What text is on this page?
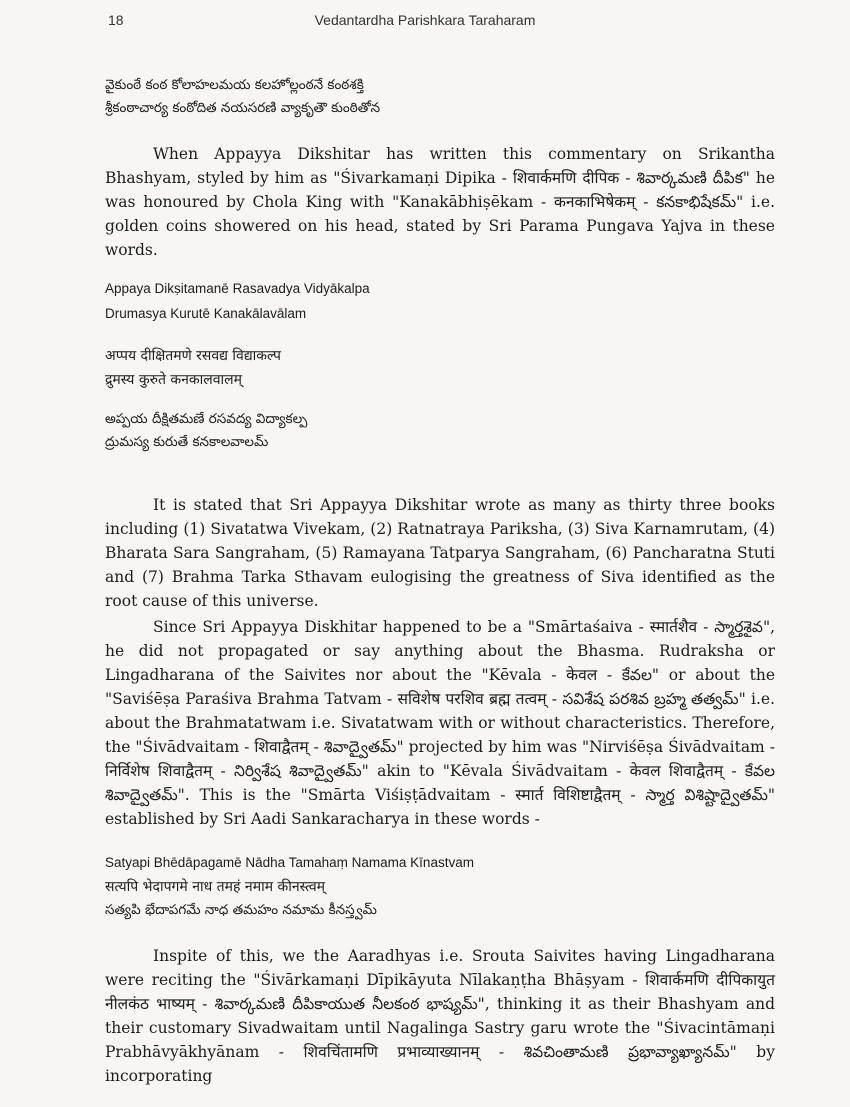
18	Vedantardha Parishkara Taraharam
వైకుంఠే కంఠ కోలాహలమయ కలహోల్లంఠనే కంఠశక్తి
శ్రీకంఠాచార్య కంఠోదిత నయసరణి వ్యాకృతౌ కుంఠితోన
When Appayya Dikshitar has written this commentary on Srikantha Bhashyam, styled by him as "Śivarkamaṇi Dipika - शिवार्कमणि दीपिक - శివార్కమణి దీపిక" he was honoured by Chola King with "Kanakābhiṣēkam - कनकाभिषेकम् - కనకాభిషేకమ్" i.e. golden coins showered on his head, stated by Sri Parama Pungava Yajva in these words.
Appaya Dikṣitamanē Rasavadya Vidyākalpa
Drumasya Kurutē Kanakālavālam
अप्पय दीक्षितमणे रसवद्य विद्याकल्प
द्रुमस्य कुरुते कनकालवालम्
అప్పయ దీక్షితమణే రసవద్య విద్యాకల్ప
ద్రుమస్య కురుతే కనకాలవాలమ్
It is stated that Sri Appayya Dikshitar wrote as many as thirty three books including (1) Sivatatwa Vivekam, (2) Ratnatraya Pariksha, (3) Siva Karnamrutam, (4) Bharata Sara Sangraham, (5) Ramayana Tatparya Sangraham, (6) Pancharatna Stuti and (7) Brahma Tarka Sthavam eulogising the greatness of Siva identified as the root cause of this universe.
Since Sri Appayya Diskhitar happened to be a "Smārtaśaiva - स्मार्तशैव - స్మార్తశైవ", he did not propagated or say anything about the Bhasma. Rudraksha or Lingadharana of the Saivites nor about the "Kēvala - केवल - కేవల" or about the "Saviśēṣa Paraśiva Brahma Tatvam - सविशेष परशिव ब्रह्म तत्वम् - సవిశేష పరశివ బ్రహ్మ తత్వమ్" i.e. about the Brahmatatwam i.e. Sivatatwam with or without characteristics. Therefore, the "Śivādvaitam - शिवाद्वैतम् - శివాద్వైతమ్" projected by him was "Nirviśēṣa Śivādvaitam - निर्विशेष शिवाद्वैतम् - నిర్విశేష శివాద్వైతమ్" akin to "Kēvala Śivādvaitam - केवल शिवाद्वैतम् - కేవల శివాద్వైతమ్". This is the "Smārta Viśiṣṭādvaitam - स्मार्त विशिष्टाद्वैतम् - స్మార్త విశిష్టాద్వైతమ్" established by Sri Aadi Sankaracharya in these words -
Satyapi Bhēdāpagamē Nādha Tamahaṃ Namama Kīnastvam
सत्यपि भेदापगमे नाध तमहं नमाम कीनस्त्वम्
సత్యపి భేదాపగమే నాధ తమహం నమామ కీనస్త్వమ్
Inspite of this, we the Aaradhyas i.e. Srouta Saivites having Lingadharana were reciting the "Śivārkamaṇi Dīpikāyuta Nīlakaṇṭha Bhāṣyam - शिवार्कमणि दीपिकायुत नीलकंठ भाष्यम् - శివార్కమణి దీపికాయుత నీలకంఠ భాష్యమ్", thinking it as their Bhashyam and their customary Sivadwaitam until Nagalinga Sastry garu wrote the "Śivacintāmaṇi Prabhāvyākhyānam - शिवचिंतामणि प्रभाव्याख्यानम् - శివచింతామణి ప్రభావ్యాఖ్యానమ్" by incorporating
